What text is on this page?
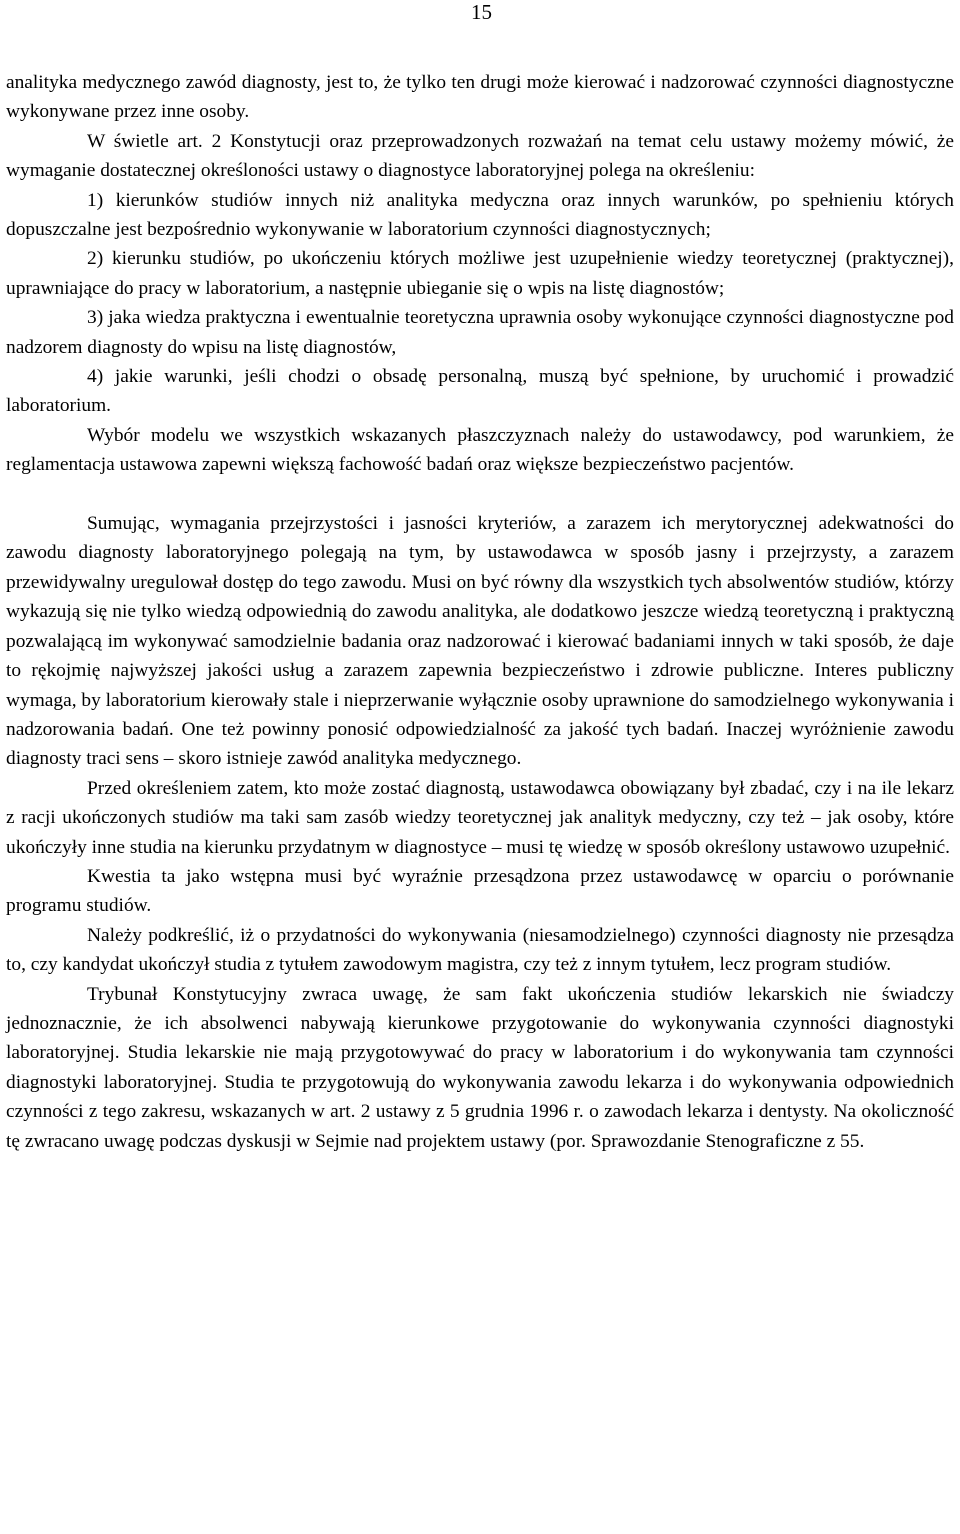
15

analityka medycznego zawód diagnosty, jest to, że tylko ten drugi może kierować i nadzorować czynności diagnostyczne wykonywane przez inne osoby.

W świetle art. 2 Konstytucji oraz przeprowadzonych rozważań na temat celu ustawy możemy mówić, że wymaganie dostatecznej określoności ustawy o diagnostyce laboratoryjnej polega na określeniu:

1) kierunków studiów innych niż analityka medyczna oraz innych warunków, po spełnieniu których dopuszczalne jest bezpośrednio wykonywanie w laboratorium czynności diagnostycznych;

2) kierunku studiów, po ukończeniu których możliwe jest uzupełnienie wiedzy teoretycznej (praktycznej), uprawniające do pracy w laboratorium, a następnie ubieganie się o wpis na listę diagnostów;

3) jaka wiedza praktyczna i ewentualnie teoretyczna uprawnia osoby wykonujące czynności diagnostyczne pod nadzorem diagnosty do wpisu na listę diagnostów,

4) jakie warunki, jeśli chodzi o obsadę personalną, muszą być spełnione, by uruchomić i prowadzić laboratorium.

Wybór modelu we wszystkich wskazanych płaszczyznach należy do ustawodawcy, pod warunkiem, że reglamentacja ustawowa zapewni większą fachowość badań oraz większe bezpieczeństwo pacjentów.

Sumując, wymagania przejrzystości i jasności kryteriów, a zarazem ich merytorycznej adekwatności do zawodu diagnosty laboratoryjnego polegają na tym, by ustawodawca w sposób jasny i przejrzysty, a zarazem przewidywalny uregulował dostęp do tego zawodu. Musi on być równy dla wszystkich tych absolwentów studiów, którzy wykazują się nie tylko wiedzą odpowiednią do zawodu analityka, ale dodatkowo jeszcze wiedzą teoretyczną i praktyczną pozwalającą im wykonywać samodzielnie badania oraz nadzorować i kierować badaniami innych w taki sposób, że daje to rękojmię najwyższej jakości usług a zarazem zapewnia bezpieczeństwo i zdrowie publiczne. Interes publiczny wymaga, by laboratorium kierowały stale i nieprzerwanie wyłącznie osoby uprawnione do samodzielnego wykonywania i nadzorowania badań. One też powinny ponosić odpowiedzialność za jakość tych badań. Inaczej wyróżnienie zawodu diagnosty traci sens – skoro istnieje zawód analityka medycznego.

Przed określeniem zatem, kto może zostać diagnostą, ustawodawca obowiązany był zbadać, czy i na ile lekarz z racji ukończonych studiów ma taki sam zasób wiedzy teoretycznej jak analityk medyczny, czy też – jak osoby, które ukończyły inne studia na kierunku przydatnym w diagnostyce – musi tę wiedzę w sposób określony ustawowo uzupełnić.

Kwestia ta jako wstępna musi być wyraźnie przesądzona przez ustawodawcę w oparciu o porównanie programu studiów.

Należy podkreślić, iż o przydatności do wykonywania (niesamodzielnego) czynności diagnosty nie przesądza to, czy kandydat ukończył studia z tytułem zawodowym magistra, czy też z innym tytułem, lecz program studiów.

Trybunał Konstytucyjny zwraca uwagę, że sam fakt ukończenia studiów lekarskich nie świadczy jednoznacznie, że ich absolwenci nabywają kierunkowe przygotowanie do wykonywania czynności diagnostyki laboratoryjnej. Studia lekarskie nie mają przygotowywać do pracy w laboratorium i do wykonywania tam czynności diagnostyki laboratoryjnej. Studia te przygotowują do wykonywania zawodu lekarza i do wykonywania odpowiednich czynności z tego zakresu, wskazanych w art. 2 ustawy z 5 grudnia 1996 r. o zawodach lekarza i dentysty. Na okoliczność tę zwracano uwagę podczas dyskusji w Sejmie nad projektem ustawy (por. Sprawozdanie Stenograficzne z 55.
